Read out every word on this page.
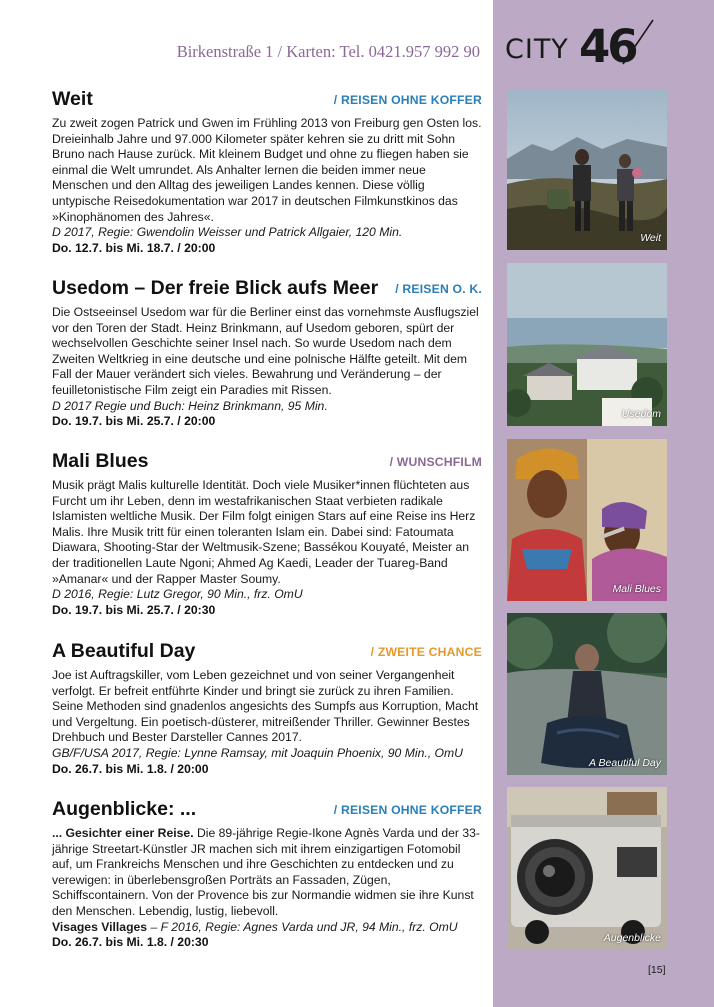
CITY 46
Birkenstraße 1 / Karten: Tel. 0421.957 992 90
Weit	/ REISEN OHNE KOFFER
Zu zweit zogen Patrick und Gwen im Frühling 2013 von Freiburg gen Osten los. Dreieinhalb Jahre und 97.000 Kilometer später kehren sie zu dritt mit Sohn Bruno nach Hause zurück. Mit kleinem Budget und ohne zu fliegen haben sie einmal die Welt umrundet. Als Anhalter lernen die beiden immer neue Menschen und den Alltag des jeweiligen Landes kennen. Diese völlig untypische Reisedokumentation war 2017 in deutschen Filmkunstkinos das »Kinophänomen des Jahres«.
D 2017, Regie: Gwendolin Weisser und Patrick Allgaier, 120 Min.
Do. 12.7. bis Mi. 18.7. / 20:00
Usedom – Der freie Blick aufs Meer / REISEN O. K.
Die Ostseeinsel Usedom war für die Berliner einst das vornehmste Ausflugsziel vor den Toren der Stadt. Heinz Brinkmann, auf Usedom geboren, spürt der wechselvollen Geschichte seiner Insel nach. So wurde Usedom nach dem Zweiten Weltkrieg in eine deutsche und eine polnische Hälfte geteilt. Mit dem Fall der Mauer verändert sich vieles. Bewahrung und Veränderung – der feuilletonistische Film zeigt ein Paradies mit Rissen.
D 2017 Regie und Buch: Heinz Brinkmann, 95 Min.
Do. 19.7. bis Mi. 25.7. / 20:00
Mali Blues	/ WUNSCHFILM
Musik prägt Malis kulturelle Identität. Doch viele Musiker*innen flüchteten aus Furcht um ihr Leben, denn im westafrikanischen Staat verbieten radikale Islamisten weltliche Musik. Der Film folgt einigen Stars auf eine Reise ins Herz Malis. Ihre Musik tritt für einen toleranten Islam ein. Dabei sind: Fatoumata Diawara, Shooting-Star der Weltmusik-Szene; Bassékou Kouyaté, Meister an der traditionellen Laute Ngoni; Ahmed Ag Kaedi, Leader der Tuareg-Band »Amanar« und der Rapper Master Soumy.
D 2016, Regie: Lutz Gregor, 90 Min., frz. OmU
Do. 19.7. bis Mi. 25.7. / 20:30
A Beautiful Day	/ ZWEITE CHANCE
Joe ist Auftragskiller, vom Leben gezeichnet und von seiner Vergangenheit verfolgt. Er befreit entführte Kinder und bringt sie zurück zu ihren Familien. Seine Methoden sind gnadenlos angesichts des Sumpfs aus Korruption, Macht und Vergeltung. Ein poetisch-düsterer, mitreißender Thriller. Gewinner Bestes Drehbuch und Bester Darsteller Cannes 2017.
GB/F/USA 2017, Regie: Lynne Ramsay, mit Joaquin Phoenix, 90 Min., OmU
Do. 26.7. bis Mi. 1.8. / 20:00
Augenblicke: ...	/ REISEN OHNE KOFFER
... Gesichter einer Reise. Die 89-jährige Regie-Ikone Agnès Varda und der 33-jährige Streetart-Künstler JR machen sich mit ihrem einzigartigen Fotomobil auf, um Frankreichs Menschen und ihre Geschichten zu entdecken und zu verewigen: in überlebensgroßen Porträts an Fassaden, Zügen, Schiffscontainern. Von der Provence bis zur Normandie widmen sie ihre Kunst den Menschen. Lebendig, lustig, liebevoll.
Visages Villages – F 2016, Regie: Agnes Varda und JR, 94 Min., frz. OmU
Do. 26.7. bis Mi. 1.8. / 20:30
Weit
Usedom
Mali Blues
A Beautiful Day
Augenblicke
[15]
